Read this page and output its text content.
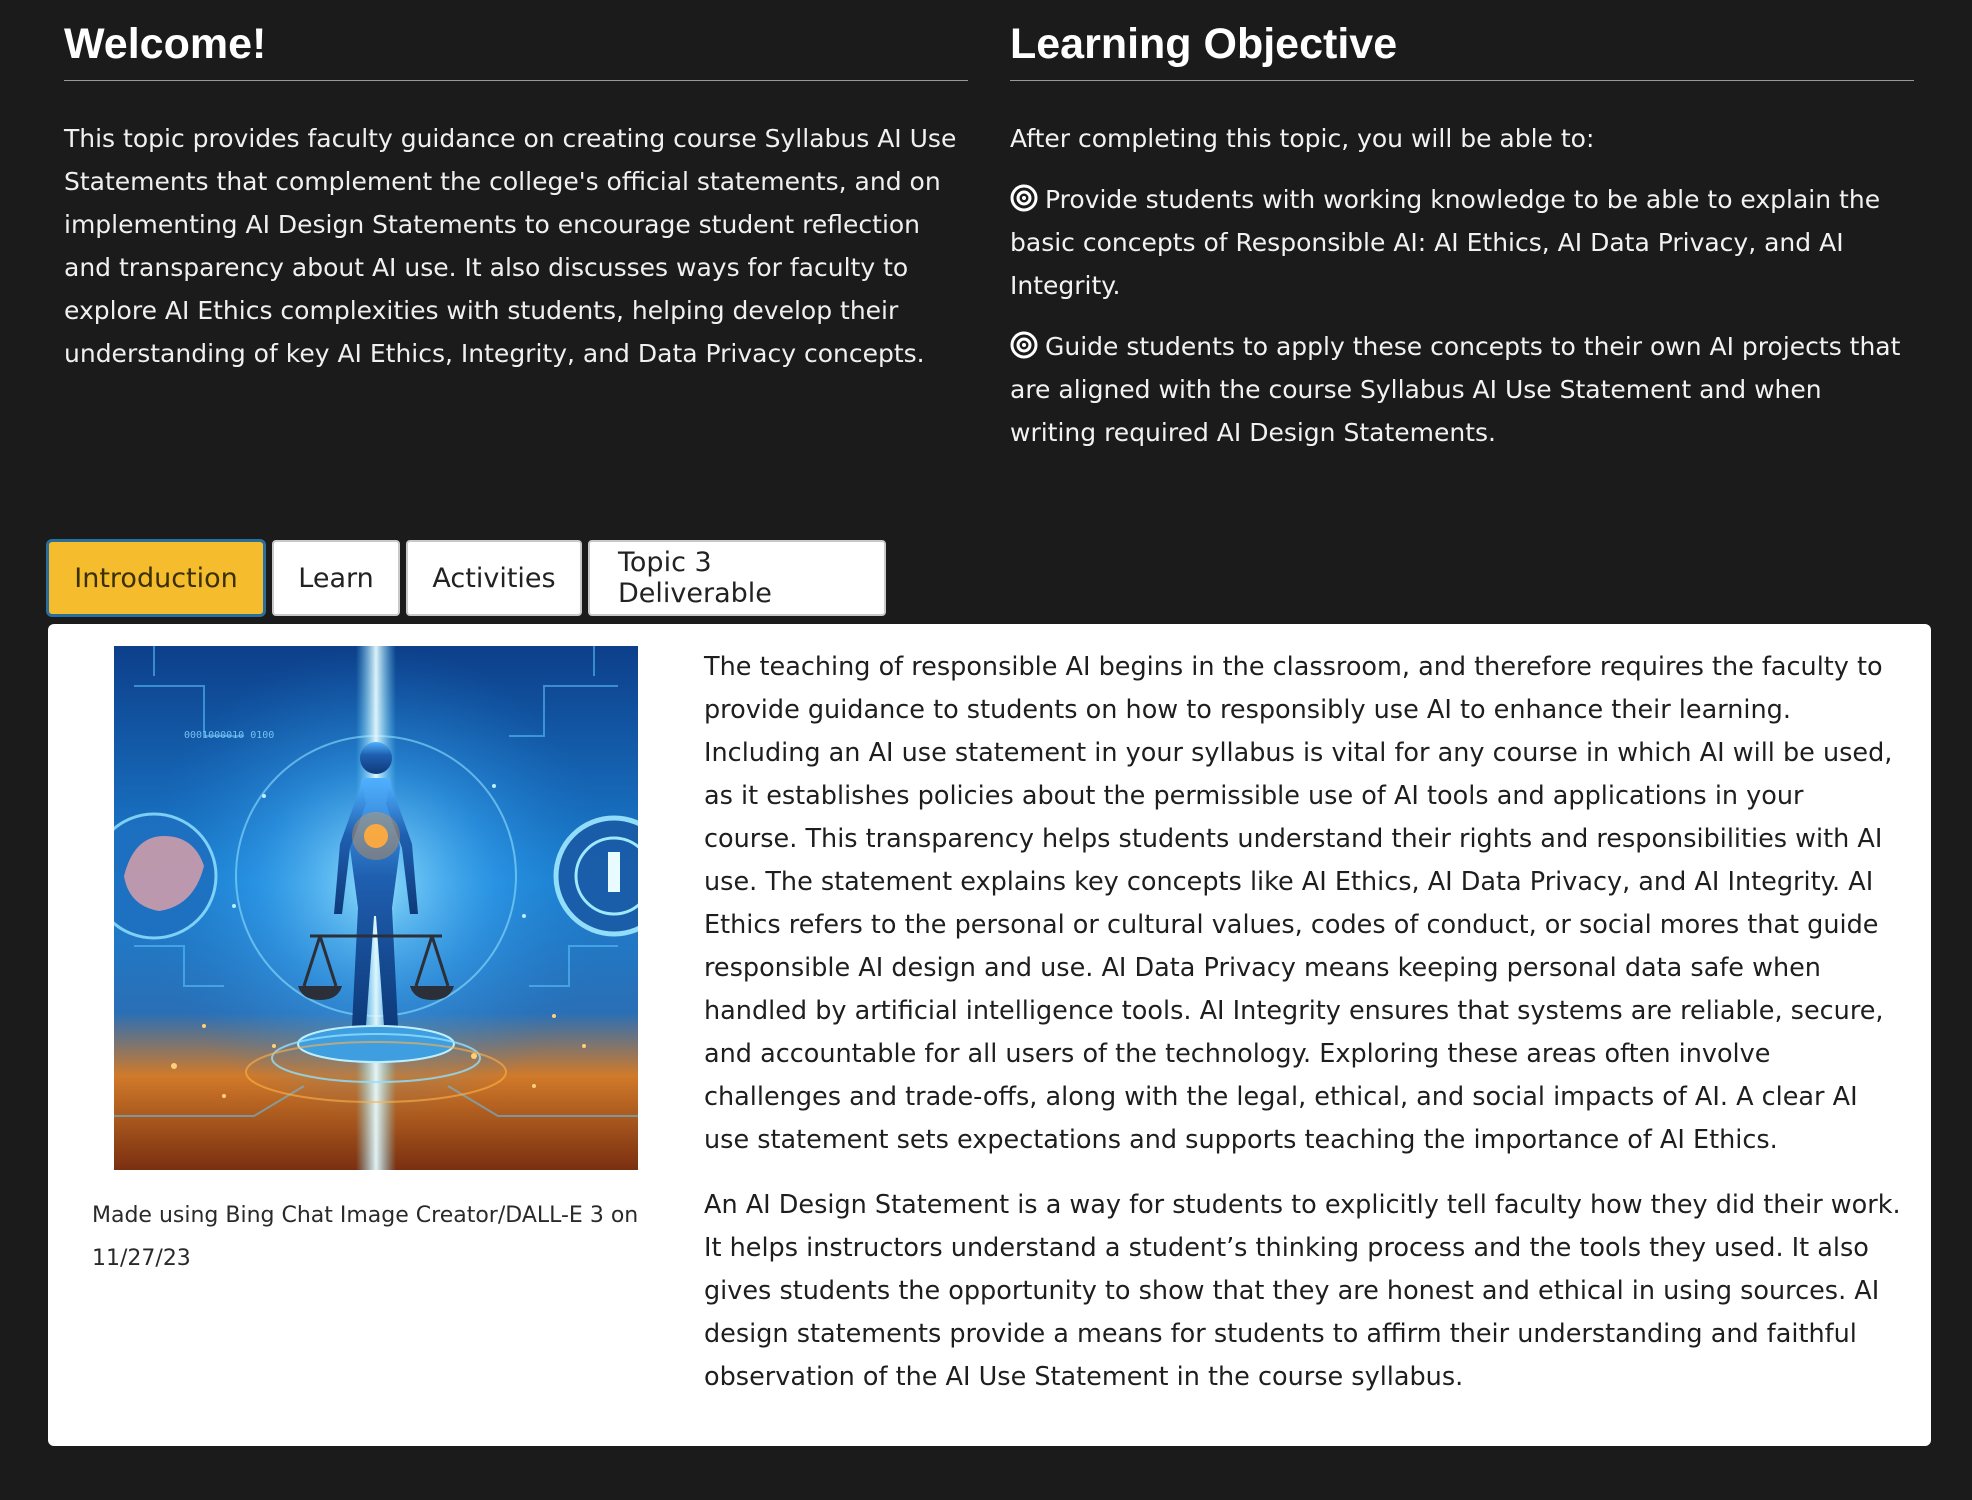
Welcome!

This topic provides faculty guidance on creating course Syllabus AI Use Statements that complement the college's official statements, and on implementing AI Design Statements to encourage student reflection and transparency about AI use. It also discusses ways for faculty to explore AI Ethics complexities with students, helping develop their understanding of key AI Ethics, Integrity, and Data Privacy concepts.

Learning Objective

After completing this topic, you will be able to:

Provide students with working knowledge to be able to explain the basic concepts of Responsible AI: AI Ethics, AI Data Privacy, and AI Integrity.

Guide students to apply these concepts to their own AI projects that are aligned with the course Syllabus AI Use Statement and when writing required AI Design Statements.

Introduction	Learn	Activities	Topic 3 Deliverable
0001000010 0100
Made using Bing Chat Image Creator/DALL-E 3 on 11/27/23

The teaching of responsible AI begins in the classroom, and therefore requires the faculty to provide guidance to students on how to responsibly use AI to enhance their learning. Including an AI use statement in your syllabus is vital for any course in which AI will be used, as it establishes policies about the permissible use of AI tools and applications in your course. This transparency helps students understand their rights and responsibilities with AI use. The statement explains key concepts like AI Ethics, AI Data Privacy, and AI Integrity. AI Ethics refers to the personal or cultural values, codes of conduct, or social mores that guide responsible AI design and use. AI Data Privacy means keeping personal data safe when handled by artificial intelligence tools. AI Integrity ensures that systems are reliable, secure, and accountable for all users of the technology. Exploring these areas often involve challenges and trade-offs, along with the legal, ethical, and social impacts of AI. A clear AI use statement sets expectations and supports teaching the importance of AI Ethics.

An AI Design Statement is a way for students to explicitly tell faculty how they did their work. It helps instructors understand a student’s thinking process and the tools they used. It also gives students the opportunity to show that they are honest and ethical in using sources. AI design statements provide a means for students to affirm their understanding and faithful observation of the AI Use Statement in the course syllabus.
